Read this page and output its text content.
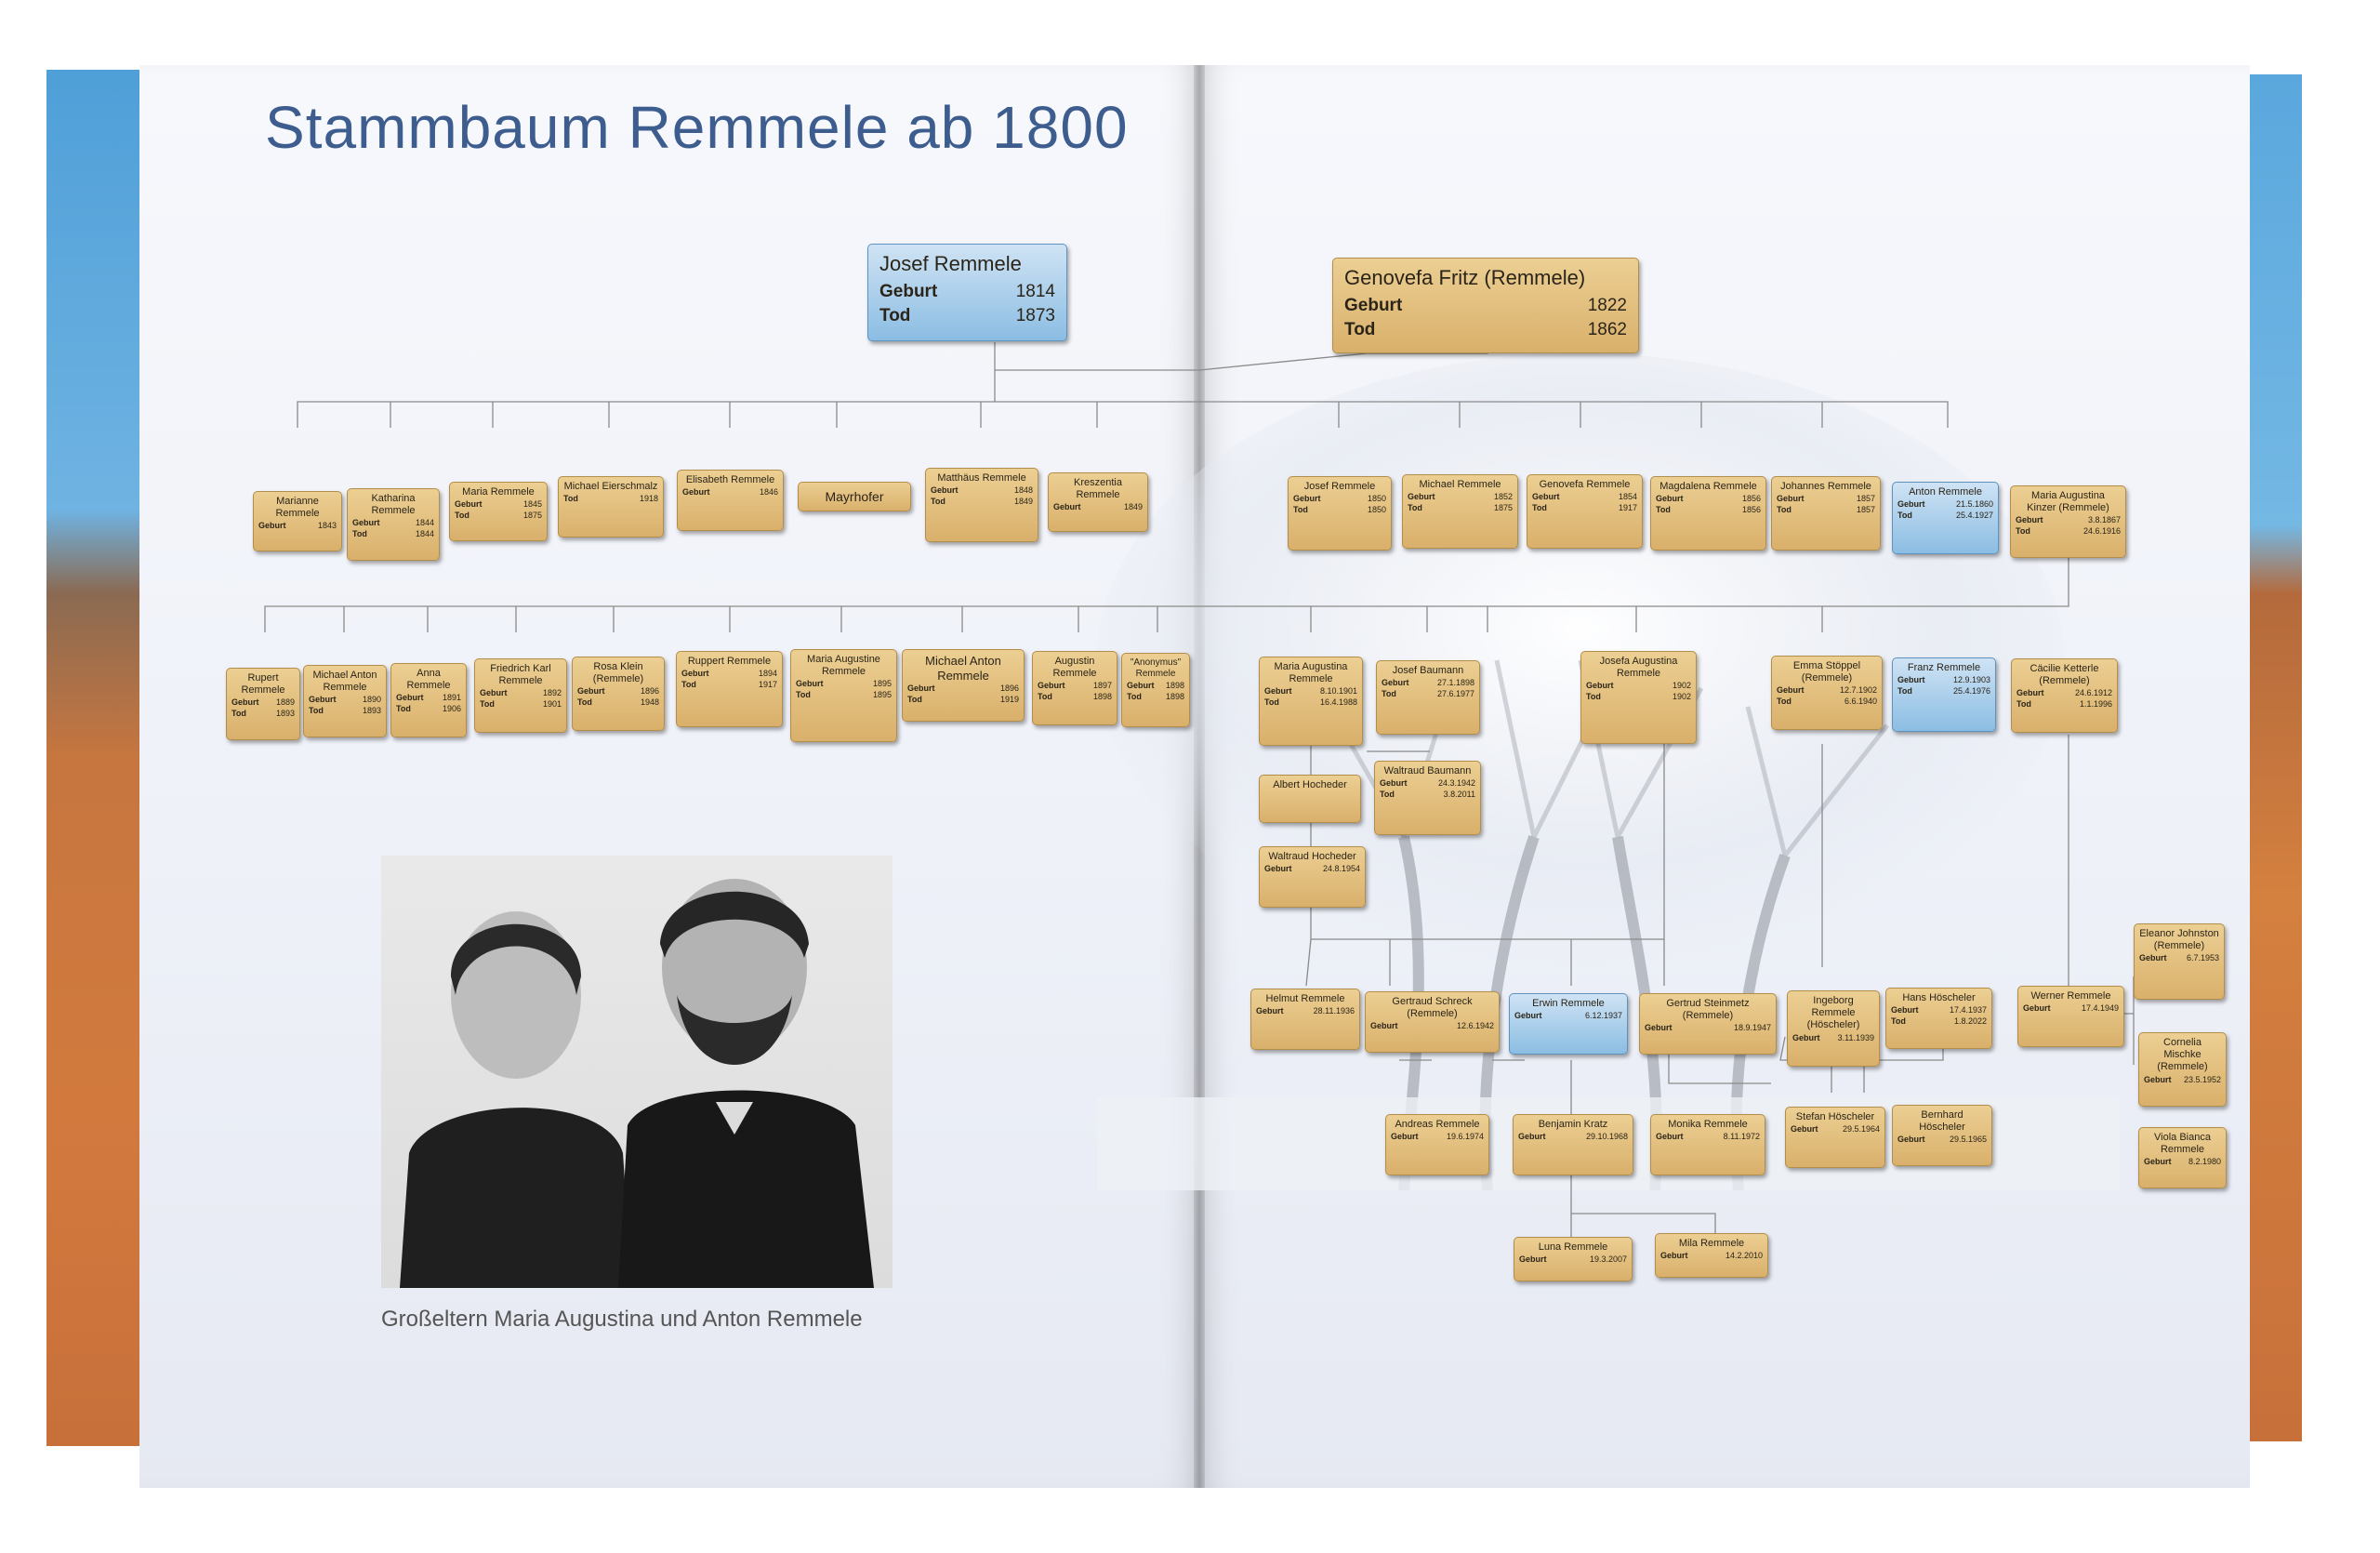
Stammbaum Remmele ab 1800
Großeltern Maria Augustina und Anton Remmele
Josef Remmele
Geburt	1814
Tod	1873
Genovefa Fritz (Remmele)
Geburt	1822
Tod	1862
Marianne Remmele
Geburt	1843
Katharina Remmele
Geburt	1844
Tod	1844
Maria Remmele
Geburt	1845
Tod	1875
Michael Eierschmalz
Tod	1918
Elisabeth Remmele
Geburt	1846	Mayrhofer
Matthäus Remmele
Geburt	1848
Tod	1849
Kreszentia Remmele
Geburt	1849
Josef Remmele
Geburt	1850
Tod	1850
Michael Remmele
Geburt	1852
Tod	1875
Genovefa Remmele
Geburt	1854
Tod	1917
Magdalena Remmele
Geburt	1856
Tod	1856
Johannes Remmele
Geburt	1857
Tod	1857
Anton Remmele
Geburt	21.5.1860
Tod	25.4.1927
Maria Augustina Kinzer (Remmele)
Geburt	3.8.1867
Tod	24.6.1916
Rupert Remmele
Geburt 1889
Tod	1893
Michael Anton Remmele
Geburt	1890
Tod	1893
Anna Remmele
Geburt 1891
Tod	1906
Friedrich Karl Remmele
Geburt	1892
Tod	1901
Rosa Klein (Remmele)
Geburt	1896
Tod	1948
Ruppert Remmele
Geburt	1894
Tod	1917
Maria Augustine Remmele
Geburt	1895
Tod	1895
Michael Anton Remmele
Geburt	1896
Tod	1919
Augustin Remmele
Geburt	1897
Tod	1898
"Anonymus" Remmele
Geburt 1898
Tod	1898
Maria Augustina Remmele
Geburt	8.10.1901
Tod	16.4.1988
Josef Baumann
Geburt	27.1.1898
Tod	27.6.1977
Josefa Augustina Remmele
Geburt	1902
Tod	1902
Emma Stöppel (Remmele)
Geburt	12.7.1902
Tod	6.6.1940
Franz Remmele
Geburt	12.9.1903
Tod	25.4.1976
Cäcilie Ketterle (Remmele)
Geburt	24.6.1912
Tod	1.1.1996
Albert Hocheder
Waltraud Baumann
Geburt	24.3.1942
Tod	3.8.2011
Waltraud Hocheder
Geburt	24.8.1954
Eleanor Johnston (Remmele)
Geburt 6.7.1953
Helmut Remmele
Geburt	28.11.1936
Gertraud Schreck (Remmele)
Geburt	12.6.1942
Erwin Remmele
Geburt	6.12.1937
Gertrud Steinmetz (Remmele)
Geburt	18.9.1947
Ingeborg Remmele (Höscheler)
Geburt 3.11.1939
Hans Höscheler
Geburt	17.4.1937
Tod	1.8.2022
Werner Remmele
Geburt	17.4.1949
Cornelia Mischke (Remmele)
Geburt 23.5.1952
Andreas Remmele
Geburt	19.6.1974
Benjamin Kratz
Geburt	29.10.1968
Monika Remmele
Geburt	8.11.1972
Stefan Höscheler
Geburt	29.5.1964
Bernhard Höscheler
Geburt	29.5.1965	Viola Bianca Remmele
Geburt 8.2.1980
Luna Remmele
Geburt	19.3.2007
Mila Remmele
Geburt	14.2.2010
